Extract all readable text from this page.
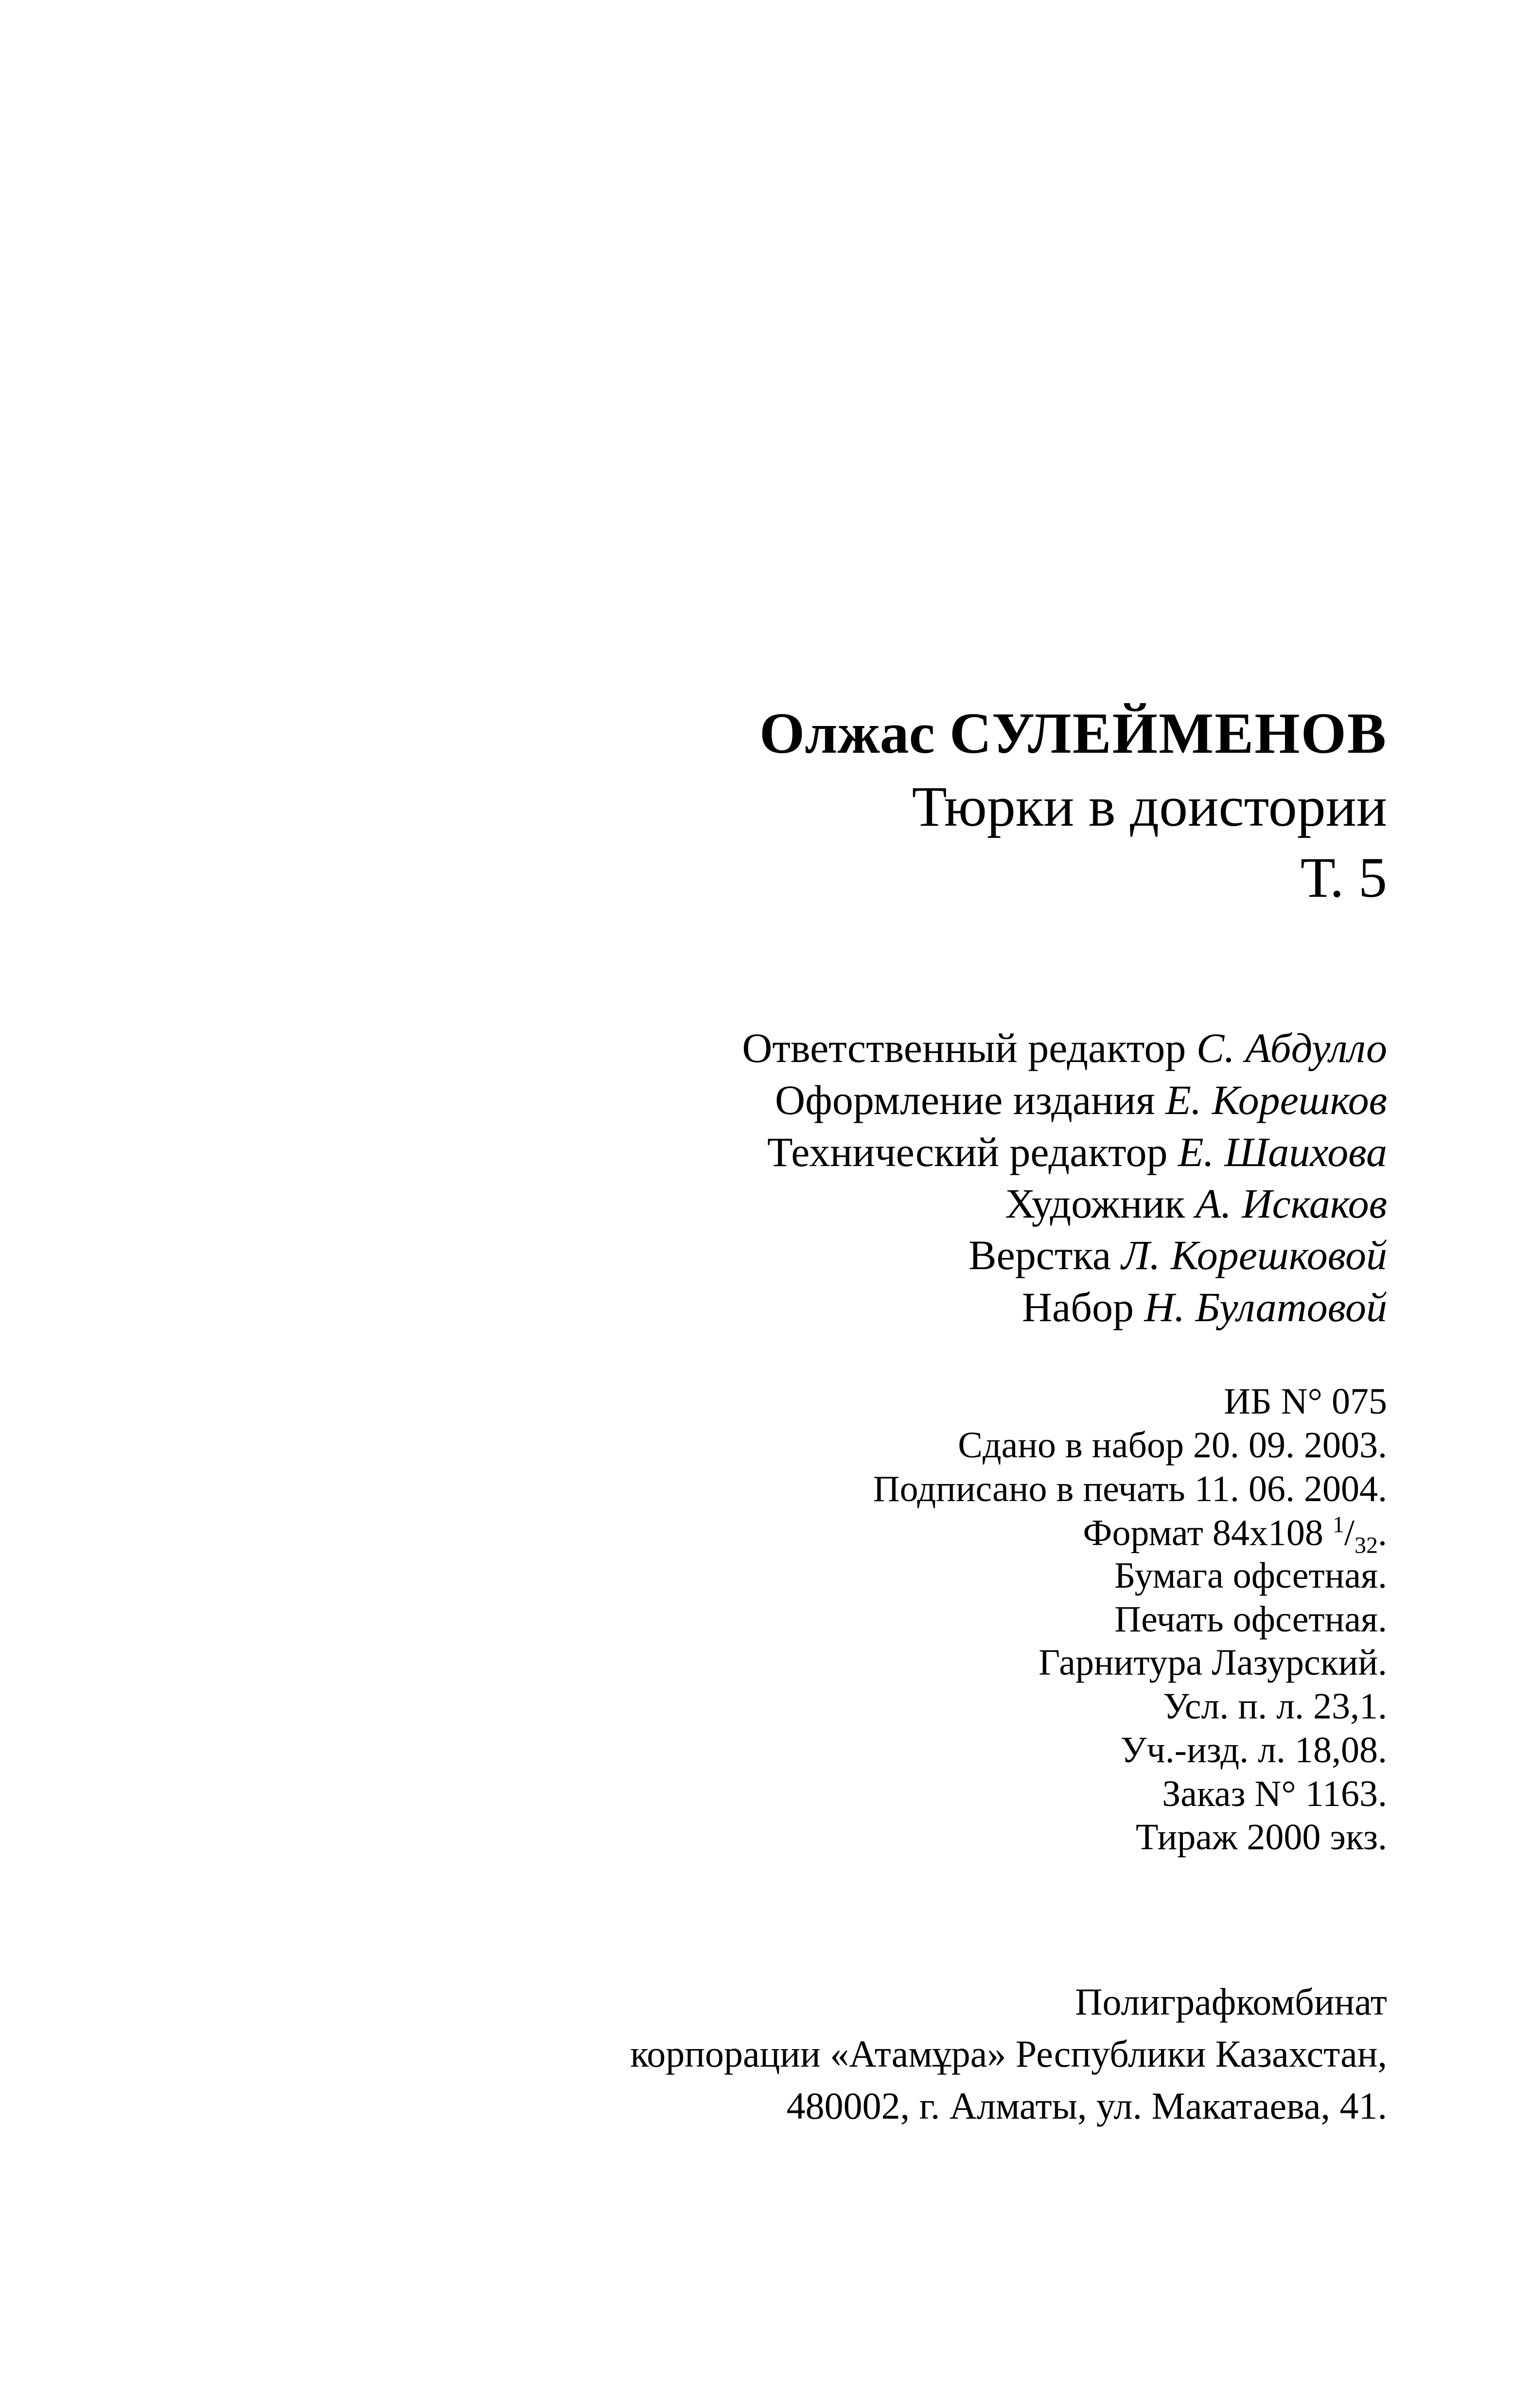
Олжас СУЛЕЙМЕНОВ
Тюрки в доистории
Т. 5
Ответственный редактор С. Абдулло
Оформление издания Е. Корешков
Технический редактор Е. Шаихова
Художник А. Искаков
Верстка Л. Корешковой
Набор Н. Булатовой
ИБ N° 075
Сдано в набор 20. 09. 2003.
Подписано в печать 11. 06. 2004.
Формат 84х108 $^1/_{32}$.
Бумага офсетная.
Печать офсетная.
Гарнитура Лазурский.
Усл. п. л. 23,1.
Уч.-изд. л. 18,08.
Заказ N° 1163.
Тираж 2000 экз.
Полиграфкомбинат
корпорации «Атамұра» Республики Казахстан,
480002, г. Алматы, ул. Макатаева, 41.
